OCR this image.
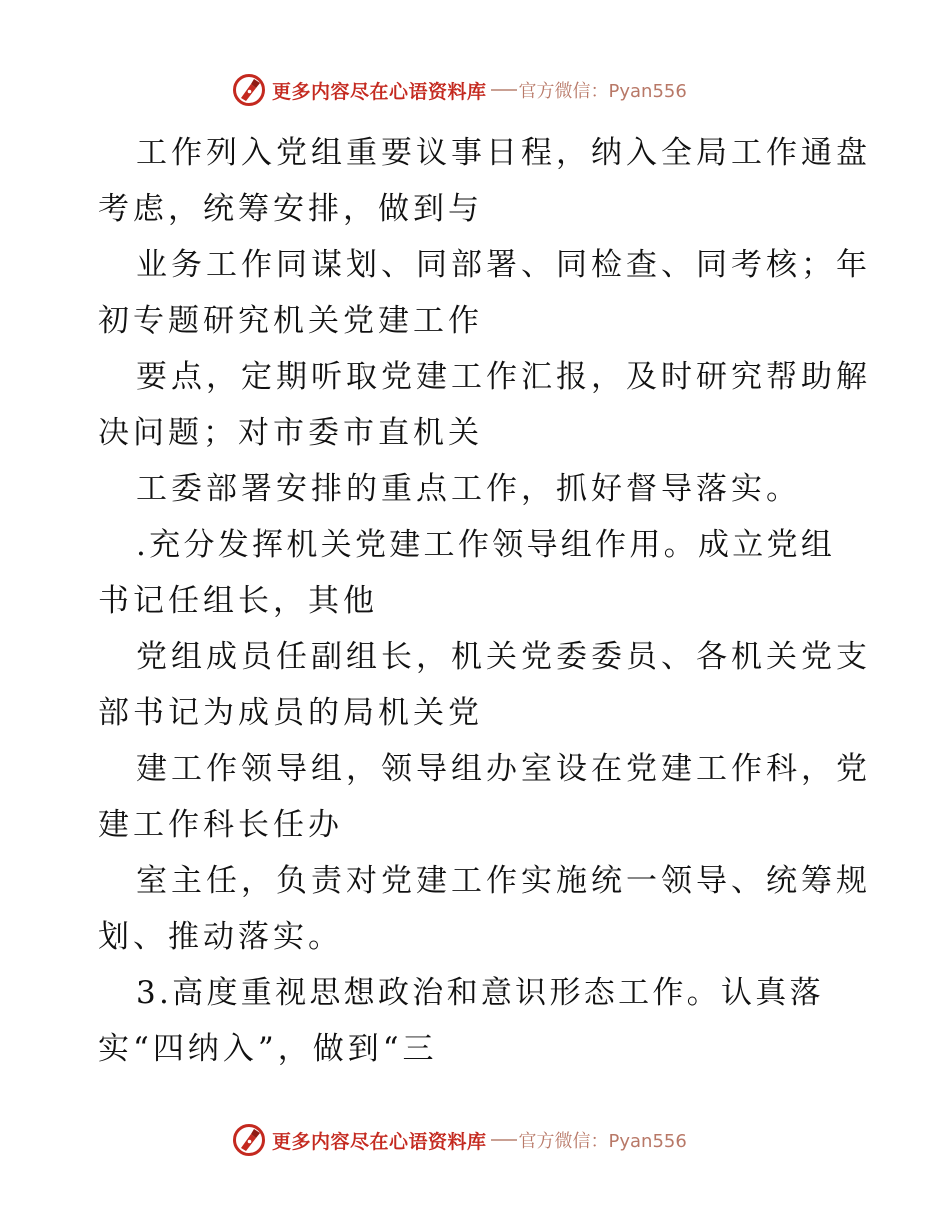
更多内容尽在心语资料库 官方微信：Pyan556
工作列入党组重要议事日程，纳入全局工作通盘
考虑，统筹安排，做到与
业务工作同谋划、同部署、同检查、同考核；年
初专题研究机关党建工作
要点，定期听取党建工作汇报，及时研究帮助解
决问题；对市委市直机关
工委部署安排的重点工作，抓好督导落实。
.充分发挥机关党建工作领导组作用。成立党组
书记任组长，其他
党组成员任副组长，机关党委委员、各机关党支
部书记为成员的局机关党
建工作领导组，领导组办室设在党建工作科，党
建工作科长任办
室主任，负责对党建工作实施统一领导、统筹规
划、推动落实。
3.高度重视思想政治和意识形态工作。认真落
实“四纳入”，做到“三
更多内容尽在心语资料库 官方微信：Pyan556
